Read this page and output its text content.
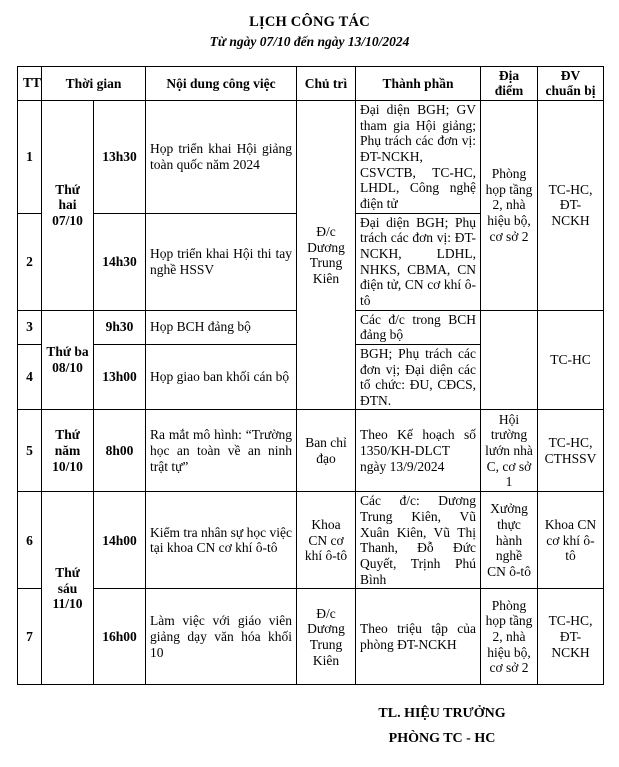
LỊCH CÔNG TÁC
Từ ngày 07/10 đến ngày 13/10/2024
TT	Thời gian		Nội dung công việc	Chủ trì	Thành phần	Địa điểm	ĐV chuẩn bị
1	Thứ hai 07/10	13h30	Họp triển khai Hội giảng toàn quốc năm 2024	Đ/c Dương Trung Kiên	Đại diện BGH; GV tham gia Hội giảng; Phụ trách các đơn vị: ĐT-NCKH, CSVCTB, TC-HC, LHDL, Công nghệ điện tử	Phòng họp tầng 2, nhà hiệu bộ, cơ sở 2	TC-HC, ĐT-NCKH
2		14h30	Họp triển khai Hội thi tay nghề HSSV		Đại diện BGH; Phụ trách các đơn vị: ĐT-NCKH, LDHL, NHKS, CBMA, CN điện tử, CN cơ khí ô-tô		
3	Thứ ba 08/10	9h30	Họp BCH đảng bộ		Các đ/c trong BCH đảng bộ		TC-HC
4		13h00	Họp giao ban khối cán bộ		BGH; Phụ trách các đơn vị; Đại diện các tổ chức: ĐU, CĐCS, ĐTN.		
5	Thứ năm 10/10	8h00	Ra mắt mô hình: “Trường học an toàn về an ninh trật tự”	Ban chỉ đạo	Theo Kế hoạch số 1350/KH-DLCT ngày 13/9/2024	Hội trường lướn nhà C, cơ sở 1	TC-HC, CTHSSV
6	Thứ sáu 11/10	14h00	Kiểm tra nhân sự học việc tại khoa CN cơ khí ô-tô	Khoa CN cơ khí ô-tô	Các đ/c: Dương Trung Kiên, Vũ Xuân Kiên, Vũ Thị Thanh, Đỗ Đức Quyết, Trịnh Phú Bình	Xưởng thực hành nghề CN ô-tô	Khoa CN cơ khí ô-tô
7		16h00	Làm việc với giáo viên giảng dạy văn hóa khối 10	Đ/c Dương Trung Kiên	Theo triệu tập của phòng ĐT-NCKH	Phòng họp tầng 2, nhà hiệu bộ, cơ sở 2	TC-HC, ĐT-NCKH
TL. HIỆU TRƯỞNG
PHÒNG TC - HC
